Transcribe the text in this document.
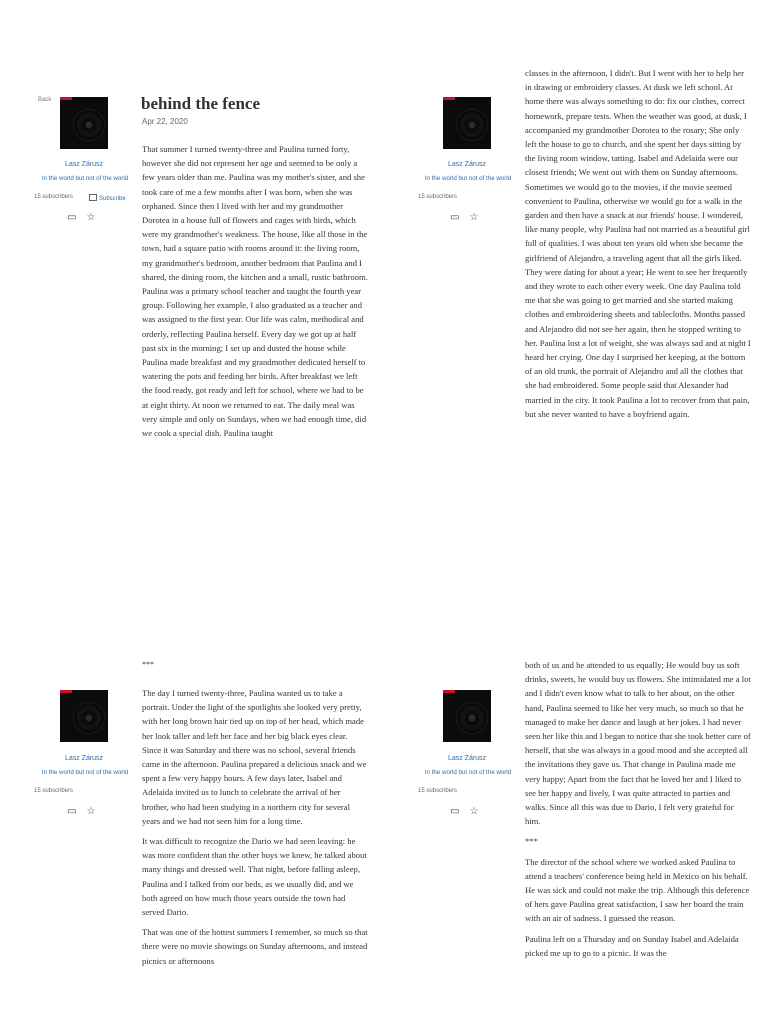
Back
Lasz Zárusz
In the world but not of the world
15 subscribers	Subscribe
▭ ☆
behind the fence
Apr 22, 2020

That summer I turned twenty-three and Paulina turned forty, however she did not represent her age and seemed to be only a few years older than me. Paulina was my mother's sister, and she took care of me a few months after I was born, when she was orphaned. Since then I lived with her and my grandmother Dorotea in a house full of flowers and cages with birds, which were my grandmother's weakness. The house, like all those in the town, had a square patio with rooms around it: the living room, my grandmother's bedroom, another bedroom that Paulina and I shared, the dining room, the kitchen and a small, rustic bathroom. Paulina was a primary school teacher and taught the fourth year group. Following her example, I also graduated as a teacher and was assigned to the first year. Our life was calm, methodical and orderly, reflecting Paulina herself. Every day we got up at half past six in the morning; I set up and dusted the house while Paulina made breakfast and my grandmother dedicated herself to watering the pots and feeding her birds. After breakfast we left the food ready, got ready and left for school, where we had to be at eight thirty. At noon we returned to eat. The daily meal was very simple and only on Sundays, when we had enough time, did we cook a special dish. Paulina taught

Lasz Zárusz
In the world but not of the world
15 subscribers
▭ ☆

classes in the afternoon, I didn't. But I went with her to help her in drawing or embroidery classes. At dusk we left school. At home there was always something to do: fix our clothes, correct homework, prepare tests. When the weather was good, at dusk, I accompanied my grandmother Dorotea to the rosary; She only left the house to go to church, and she spent her days sitting by the living room window, tatting. Isabel and Adelaida were our closest friends; We went out with them on Sunday afternoons. Sometimes we would go to the movies, if the movie seemed convenient to Paulina, otherwise we would go for a walk in the garden and then have a snack at our friends' house. I wondered, like many people, why Paulina had not married as a beautiful girl full of qualities. I was about ten years old when she became the girlfriend of Alejandro, a traveling agent that all the girls liked. They were dating for about a year; He went to see her frequently and they wrote to each other every week. One day Paulina told me that she was going to get married and she started making clothes and embroidering sheets and tablecloths. Months passed and Alejandro did not see her again, then he stopped writing to her. Paulina lost a lot of weight, she was always sad and at night I heard her crying. One day I surprised her keeping, at the bottom of an old trunk, the portrait of Alejandro and all the clothes that she had embroidered. Some people said that Alexander had married in the city. It took Paulina a lot to recover from that pain, but she never wanted to have a boyfriend again.

***
Lasz Zárusz
In the world but not of the world
15 subscribers
▭ ☆

The day I turned twenty-three, Paulina wanted us to take a portrait. Under the light of the spotlights she looked very pretty, with her long brown hair tied up on top of her head, which made her look taller and left her face and her big black eyes clear. Since it was Saturday and there was no school, several friends came in the afternoon. Paulina prepared a delicious snack and we spent a few very happy hours. A few days later, Isabel and Adelaida invited us to lunch to celebrate the arrival of her brother, who had been studying in a northern city for several years and we had not seen him for a long time.

It was difficult to recognize the Dario we had seen leaving: he was more confident than the other boys we knew, he talked about many things and dressed well. That night, before falling asleep, Paulina and I talked from our beds, as we usually did, and we both agreed on how much those years outside the town had served Dario.

That was one of the hottest summers I remember, so much so that there were no movie showings on Sunday afternoons, and instead picnics or afternoons

Lasz Zárusz
In the world but not of the world
15 subscribers
▭ ☆

both of us and he attended to us equally; He would buy us soft drinks, sweets, he would buy us flowers. She intimidated me a lot and I didn't even know what to talk to her about, on the other hand, Paulina seemed to like her very much, so much so that he managed to make her dance and laugh at her jokes. I had never seen her like this and I began to notice that she took better care of herself, that she was always in a good mood and she accepted all the invitations they gave us. That change in Paulina made me very happy; Apart from the fact that he loved her and I liked to see her happy and lively, I was quite attracted to parties and walks. Since all this was due to Dario, I felt very grateful for him.

***

The director of the school where we worked asked Paulina to attend a teachers' conference being held in Mexico on his behalf. He was sick and could not make the trip. Although this deference of hers gave Paulina great satisfaction, I saw her board the train with an air of sadness. I guessed the reason.

Paulina left on a Thursday and on Sunday Isabel and Adelaida picked me up to go to a picnic. It was the
